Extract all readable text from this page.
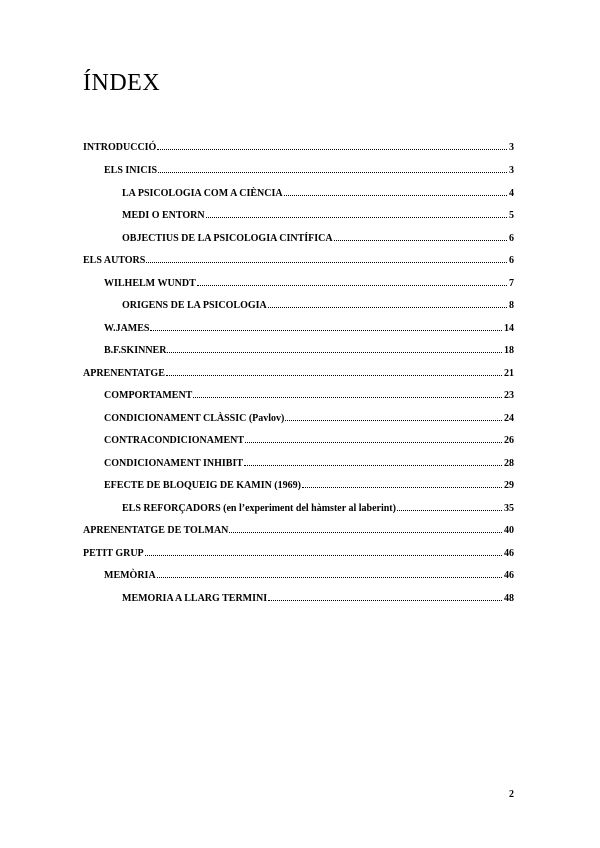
ÍNDEX
INTRODUCCIÓ	3
ELS INICIS	3
LA PSICOLOGIA COM A CIÈNCIA	4
MEDI O ENTORN	5
OBJECTIUS DE LA PSICOLOGIA CINTÍFICA	6
ELS AUTORS	6
WILHELM WUNDT	7
ORIGENS DE LA PSICOLOGIA	8
W.JAMES	14
B.F.SKINNER	18
APRENENTATGE	21
COMPORTAMENT	23
CONDICIONAMENT CLÀSSIC (Pavlov)	24
CONTRACONDICIONAMENT	26
CONDICIONAMENT INHIBIT	28
EFECTE DE BLOQUEIG DE KAMIN (1969)	29
ELS REFORÇADORS (en l’experiment del hàmster al laberint)	35
APRENENTATGE DE TOLMAN	40
PETIT GRUP	46
MEMÒRIA	46
MEMORIA A LLARG TERMINI	48
2
